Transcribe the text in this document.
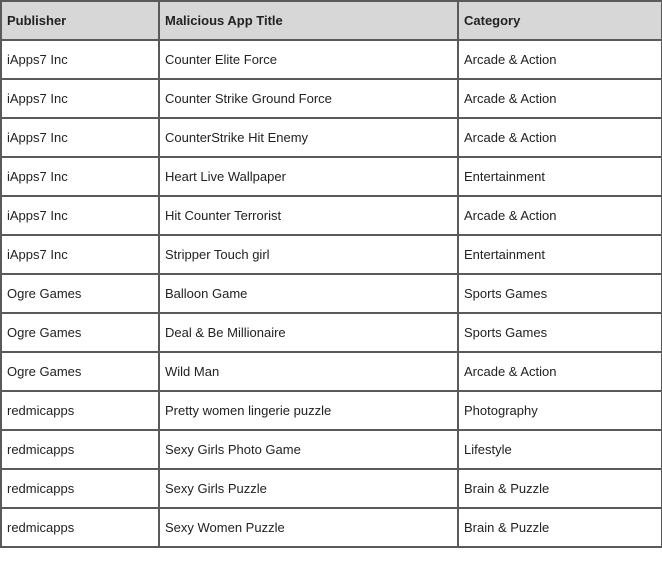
Publisher	Malicious App Title	Category
iApps7 Inc	Counter Elite Force	Arcade & Action
iApps7 Inc	Counter Strike Ground Force	Arcade & Action
iApps7 Inc	CounterStrike Hit Enemy	Arcade & Action
iApps7 Inc	Heart Live Wallpaper	Entertainment
iApps7 Inc	Hit Counter Terrorist	Arcade & Action
iApps7 Inc	Stripper Touch girl	Entertainment
Ogre Games	Balloon Game	Sports Games
Ogre Games	Deal & Be Millionaire	Sports Games
Ogre Games	Wild Man	Arcade & Action
redmicapps	Pretty women lingerie puzzle	Photography
redmicapps	Sexy Girls Photo Game	Lifestyle
redmicapps	Sexy Girls Puzzle	Brain & Puzzle
redmicapps	Sexy Women Puzzle	Brain & Puzzle
